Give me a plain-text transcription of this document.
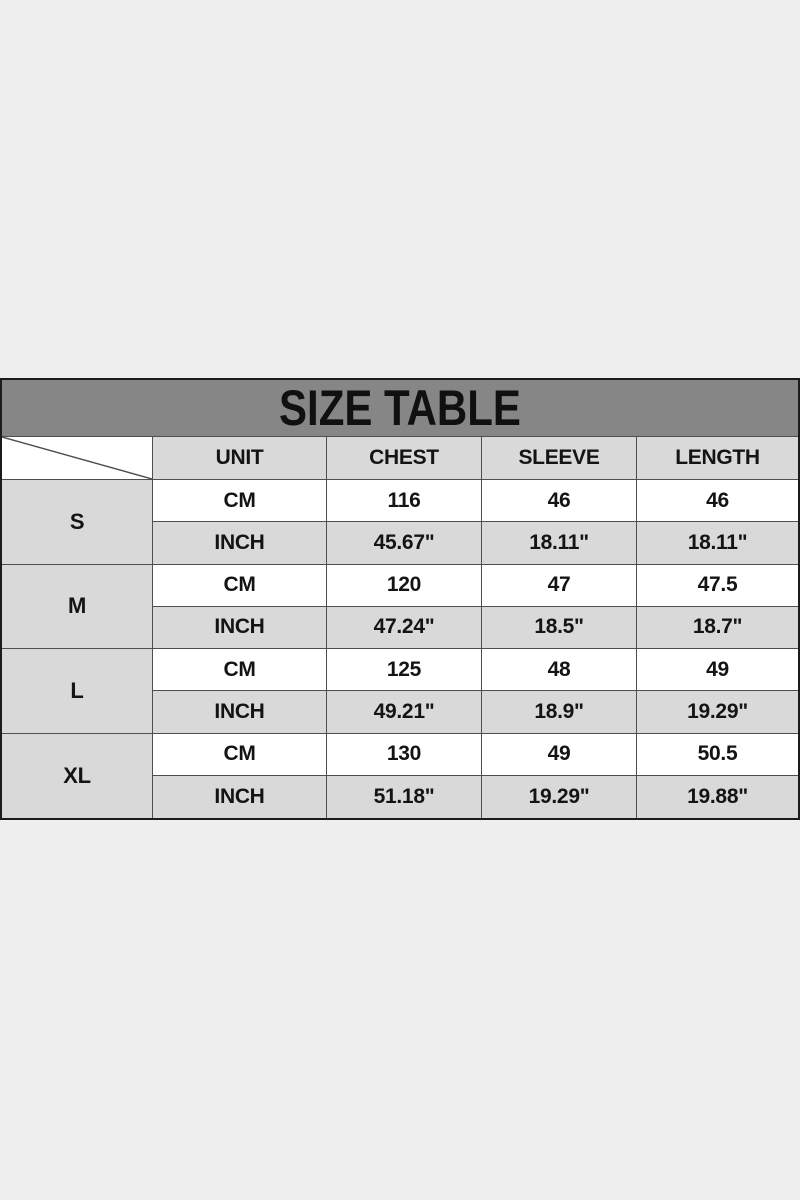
SIZE TABLE
UNIT	CHEST	SLEEVE	LENGTH
S
CM	116	46	46
INCH	45.67"	18.11"	18.11"
M
CM	120	47	47.5
INCH	47.24"	18.5"	18.7"
L
CM	125	48	49
INCH	49.21"	18.9"	19.29"
XL
CM	130	49	50.5
INCH	51.18"	19.29"	19.88"
